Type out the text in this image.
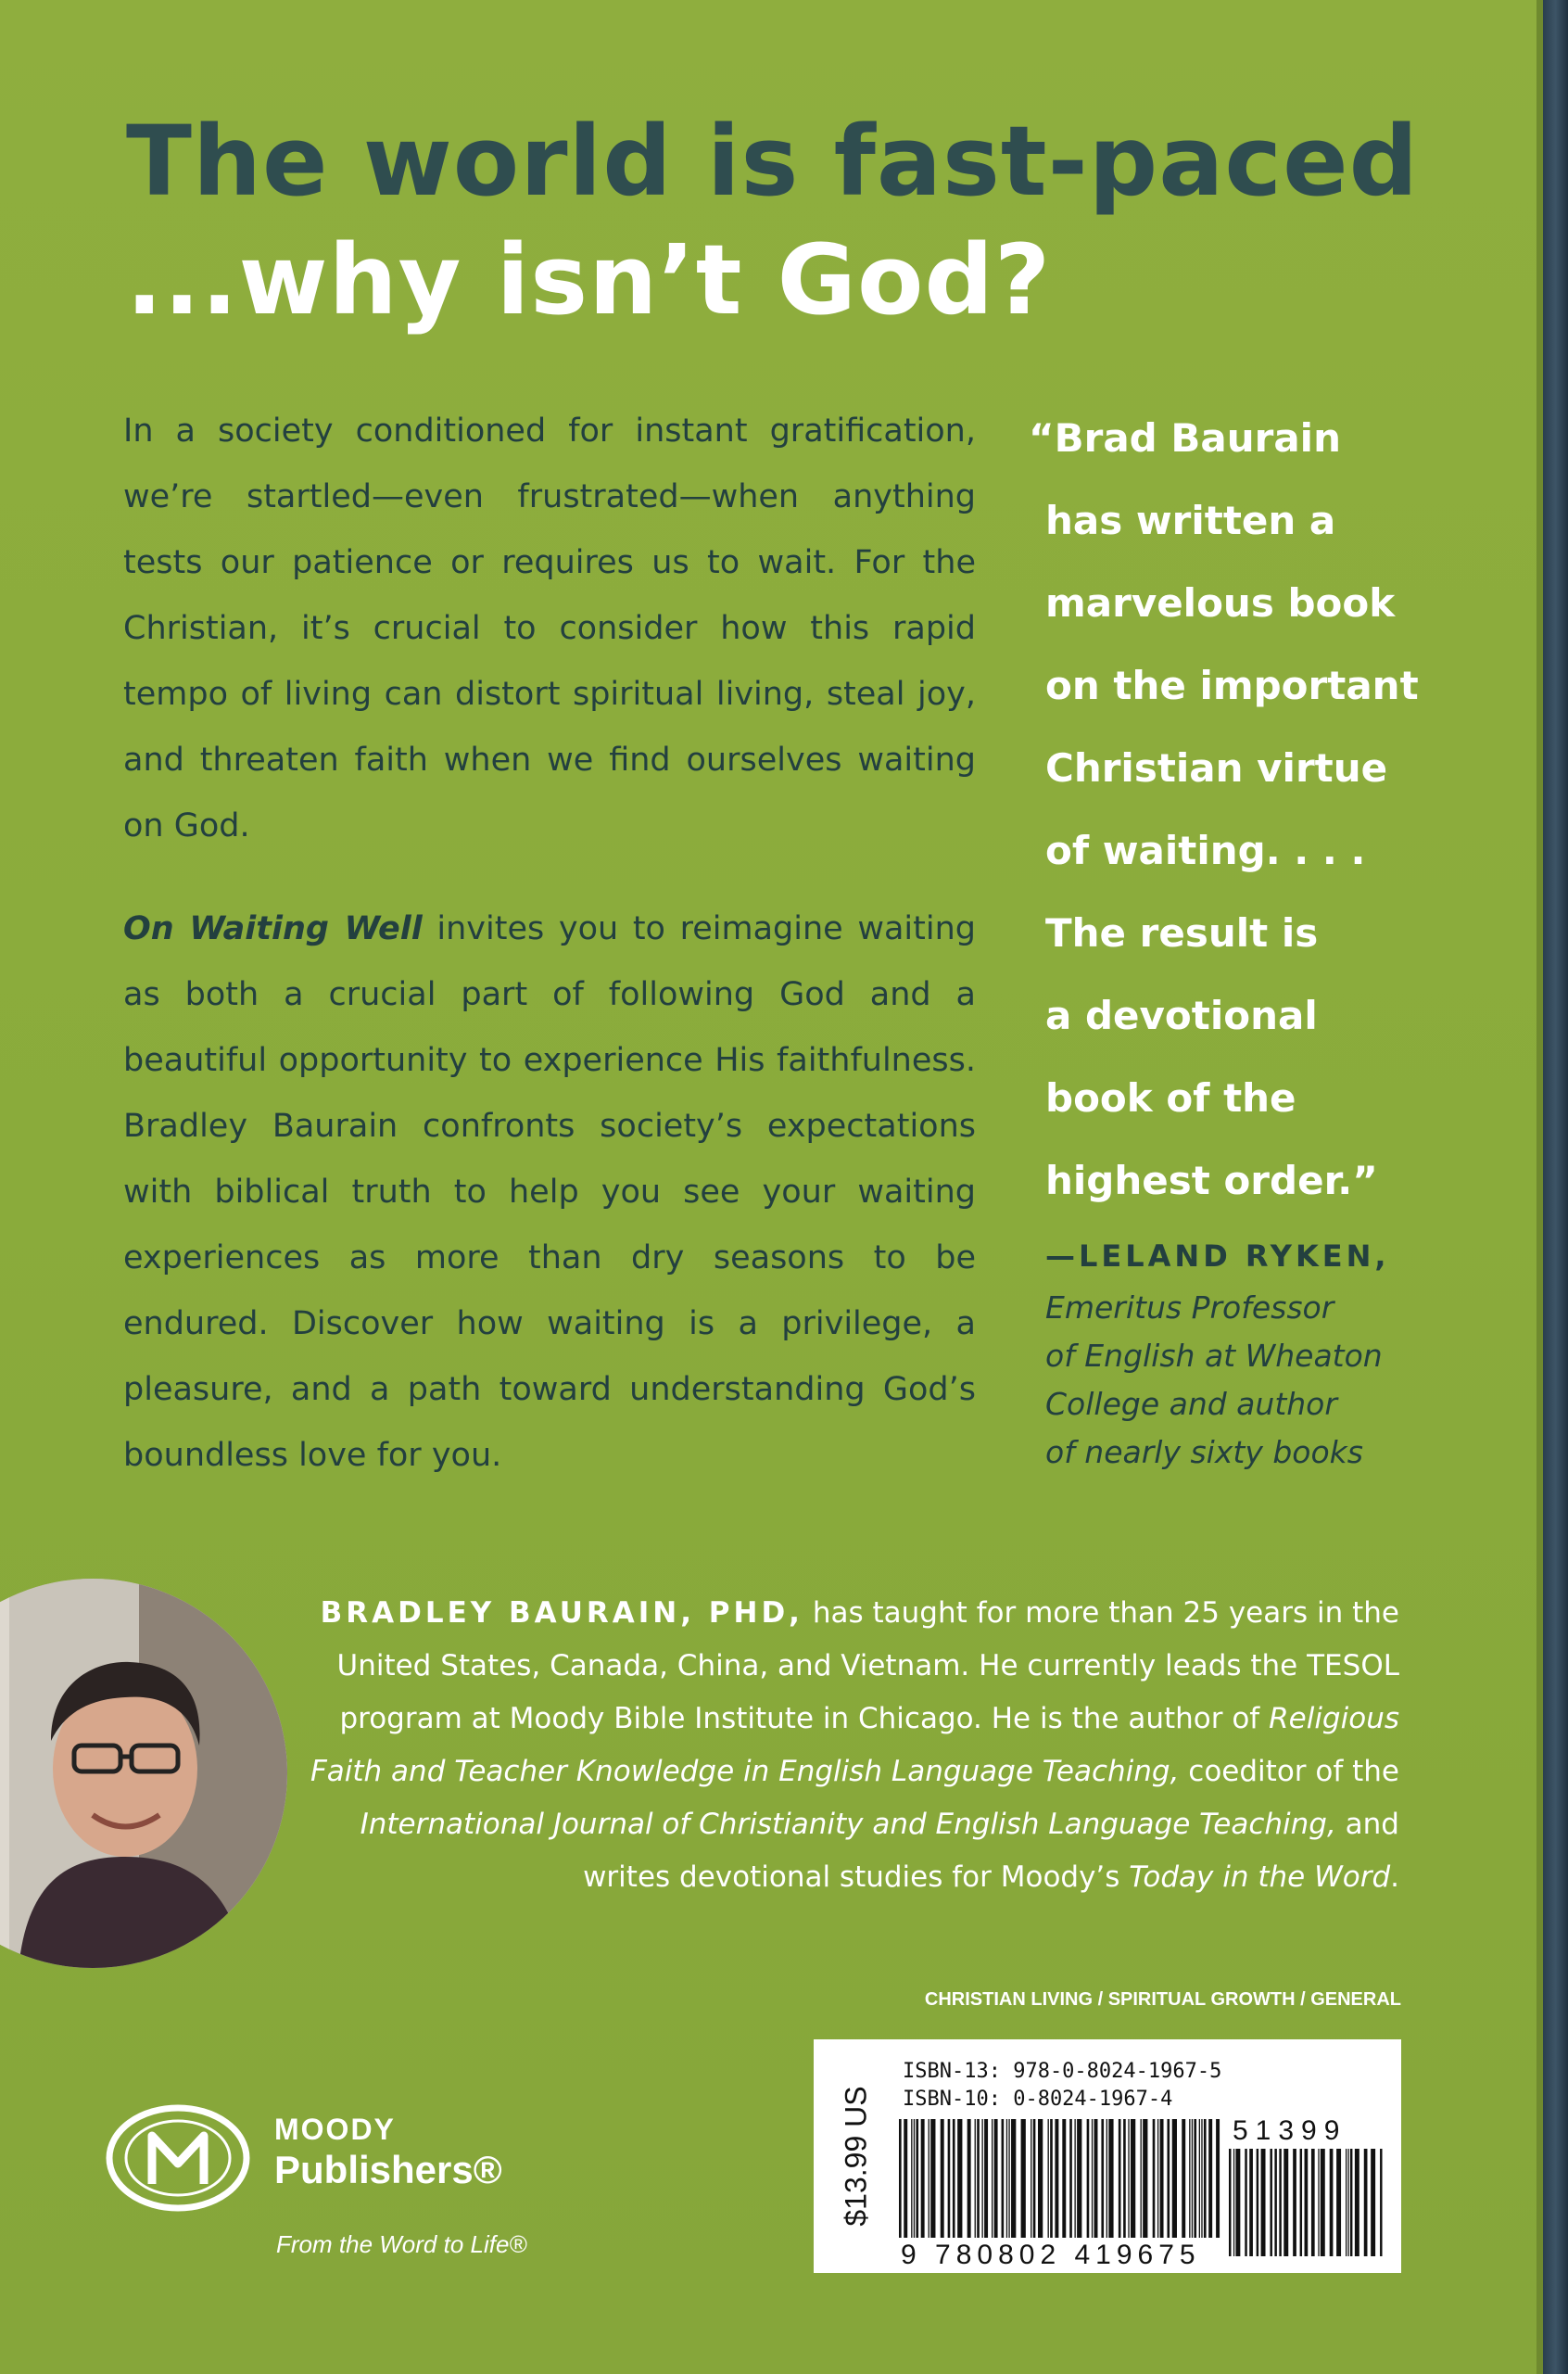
The world is fast-paced
...why isn’t God?

In a society conditioned for instant gratification, we’re startled—even frustrated—when anything tests our patience or requires us to wait. For the Christian, it’s crucial to consider how this rapid tempo of living can distort spiritual living, steal joy, and threaten faith when we find ourselves waiting on God.

On Waiting Well invites you to reimagine waiting as both a crucial part of following God and a beautiful opportunity to experience His faithfulness. Bradley Baurain confronts society’s expectations with biblical truth to help you see your waiting experiences as more than dry seasons to be endured. Discover how waiting is a privilege, a pleasure, and a path toward understanding God’s boundless love for you.

“Brad Baurain
has written a
marvelous book
on the important
Christian virtue
of waiting. . . .
The result is
a devotional
book of the
highest order.”
—LELAND RYKEN,
Emeritus Professor
of English at Wheaton
College and author
of nearly sixty books
BRADLEY BAURAIN, PHD, has taught for more than 25 years in the United States, Canada, China, and Vietnam. He currently leads the TESOL program at Moody Bible Institute in Chicago. He is the author of Religious Faith and Teacher Knowledge in English Language Teaching, coeditor of the International Journal of Christianity and English Language Teaching, and writes devotional studies for Moody’s Today in the Word.
CHRISTIAN LIVING / SPIRITUAL GROWTH / GENERAL
$13.99 US
ISBN-13: 978-0-8024-1967-5
ISBN-10: 0-8024-1967-4
9 780802 419675
51399
MOODY
Publishers®
From the Word to Life®
